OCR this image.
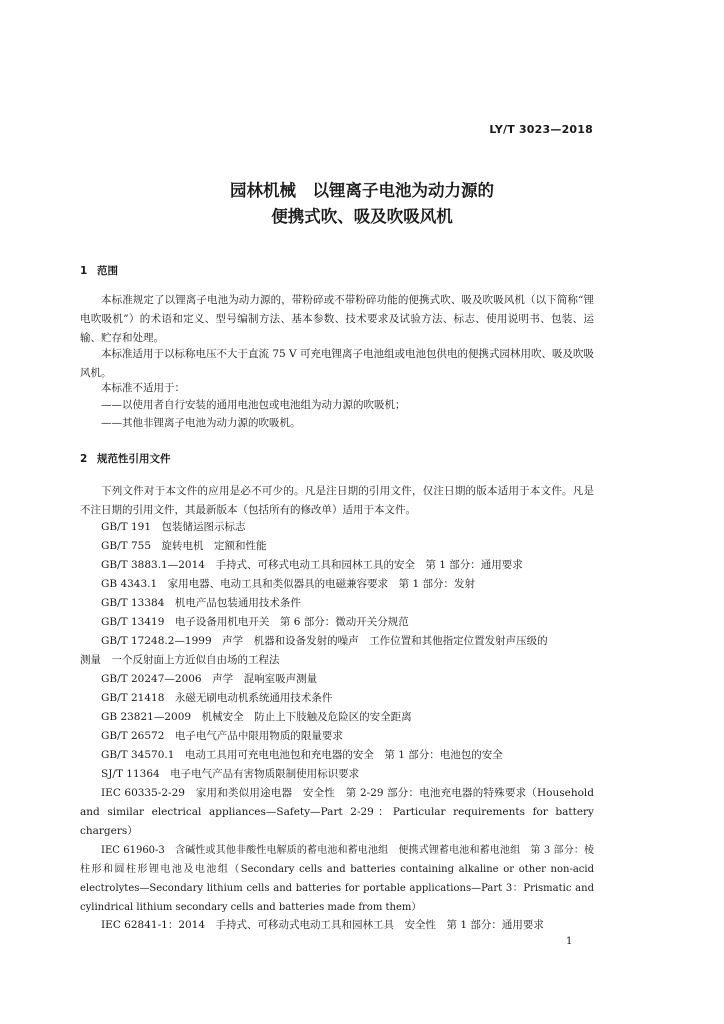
LY/T 3023—2018
园林机械　以锂离子电池为动力源的
便携式吹、吸及吹吸风机
1 范围
本标准规定了以锂离子电池为动力源的，带粉碎或不带粉碎功能的便携式吹、吸及吹吸风机（以下简称“锂电吹吸机”）的术语和定义、型号编制方法、基本参数、技术要求及试验方法、标志、使用说明书、包装、运输、贮存和处理。
本标准适用于以标称电压不大于直流 75 V 可充电锂离子电池组或电池包供电的便携式园林用吹、吸及吹吸风机。
本标准不适用于：
——以使用者自行安装的通用电池包或电池组为动力源的吹吸机；
——其他非锂离子电池为动力源的吹吸机。
2 规范性引用文件
下列文件对于本文件的应用是必不可少的。凡是注日期的引用文件，仅注日期的版本适用于本文件。凡是不注日期的引用文件，其最新版本（包括所有的修改单）适用于本文件。
GB/T 191　包装储运图示标志
GB/T 755　旋转电机　定额和性能
GB/T 3883.1—2014　手持式、可移式电动工具和园林工具的安全　第 1 部分：通用要求
GB 4343.1　家用电器、电动工具和类似器具的电磁兼容要求　第 1 部分：发射
GB/T 13384　机电产品包装通用技术条件
GB/T 13419　电子设备用机电开关　第 6 部分：微动开关分规范
GB/T 17248.2—1999　声学　机器和设备发射的噪声　工作位置和其他指定位置发射声压级的
测量　一个反射面上方近似自由场的工程法
GB/T 20247—2006　声学　混响室吸声测量
GB/T 21418　永磁无刷电动机系统通用技术条件
GB 23821—2009　机械安全　防止上下肢触及危险区的安全距离
GB/T 26572　电子电气产品中限用物质的限量要求
GB/T 34570.1　电动工具用可充电电池包和充电器的安全　第 1 部分：电池包的安全
SJ/T 11364　电子电气产品有害物质限制使用标识要求
IEC 60335-2-29　家用和类似用途电器　安全性　第 2-29 部分：电池充电器的特殊要求（Household and similar electrical appliances—Safety—Part 2-29：Particular requirements for battery chargers）
IEC 61960-3　含碱性或其他非酸性电解质的蓄电池和蓄电池组　便携式锂蓄电池和蓄电池组　第 3 部分：棱柱形和圆柱形锂电池及电池组（Secondary cells and batteries containing alkaline or other non-acid electrolytes—Secondary lithium cells and batteries for portable applications—Part 3：Prismatic and cylindrical lithium secondary cells and batteries made from them）
IEC 62841-1：2014　手持式、可移动式电动工具和园林工具　安全性　第 1 部分：通用要求
1
